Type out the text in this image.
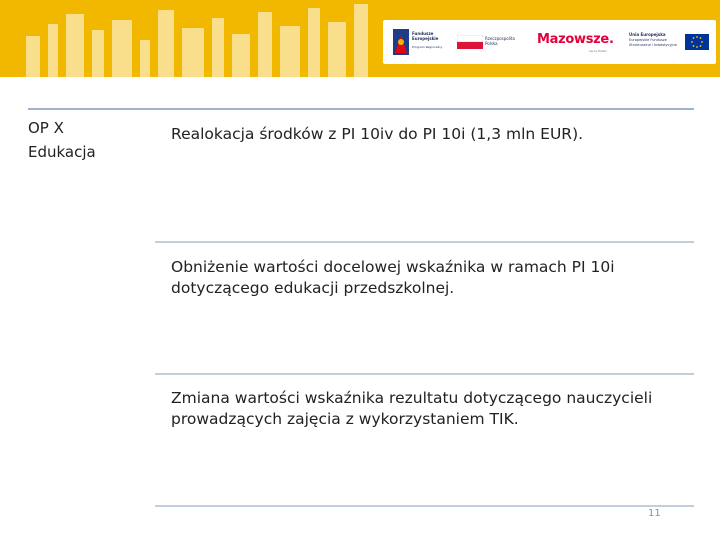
Fundusze
Europejskie
Program Regionalny
Rzeczpospolita
Polska	Mazowsze.
serce Polski
Unia Europejska
Europejskie Fundusze
Strukturalne i Inwestycyjne
OP X
Edukacja
Realokacja środków z PI 10iv do PI 10i (1,3 mln EUR).
Obniżenie wartości docelowej wskaźnika w ramach PI 10i dotyczącego edukacji przedszkolnej.
Zmiana wartości wskaźnika rezultatu dotyczącego nauczycieli prowadzących zajęcia z wykorzystaniem TIK.
11
